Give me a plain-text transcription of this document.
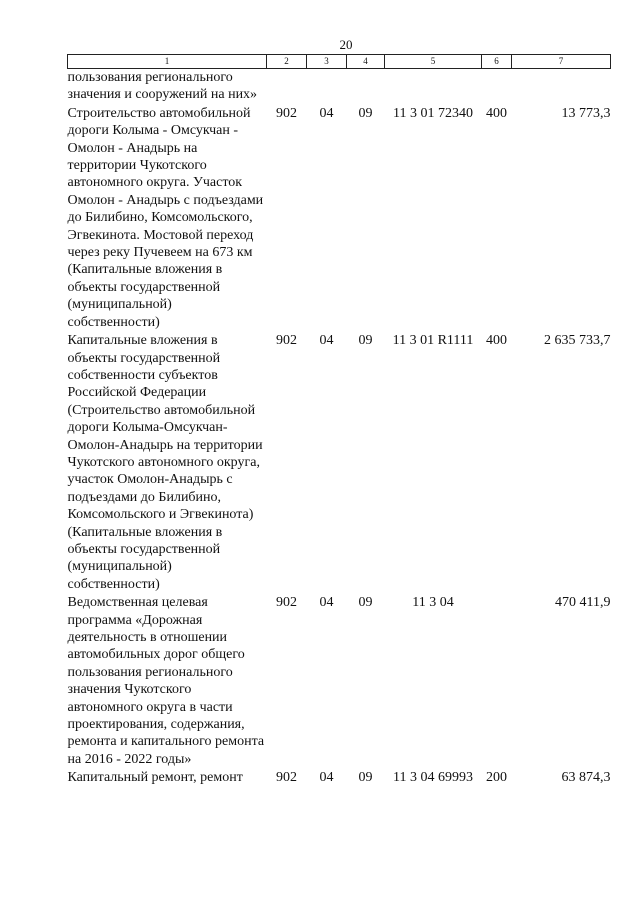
20
1	2	3	4	5	6	7
пользования регионального значения и сооружений на них»						
Строительство автомобильной дороги Колыма - Омсукчан - Омолон - Анадырь на территории Чукотского автономного округа. Участок Омолон - Анадырь с подъездами до Билибино, Комсомольского, Эгвекинота. Мостовой переход через реку Пучевеем на 673 км (Капитальные вложения в объекты государственной (муниципальной) собственности)	902	04	09	11 3 01 72340	400	13 773,3
Капитальные вложения в объекты государственной собственности субъектов Российской Федерации (Строительство автомобильной дороги Колыма-Омсукчан-Омолон-Анадырь на территории Чукотского автономного округа, участок Омолон-Анадырь с подъездами до Билибино, Комсомольского и Эгвекинота) (Капитальные вложения в объекты государственной (муниципальной) собственности)	902	04	09	11 3 01 R1111	400	2 635 733,7
Ведомственная целевая программа «Дорожная деятельность в отношении автомобильных дорог общего пользования регионального значения Чукотского автономного округа в части проектирования, содержания, ремонта и капитального ремонта на 2016 - 2022 годы»	902	04	09	11 3 04		470 411,9
Капитальный ремонт, ремонт	902	04	09	11 3 04 69993	200	63 874,3
